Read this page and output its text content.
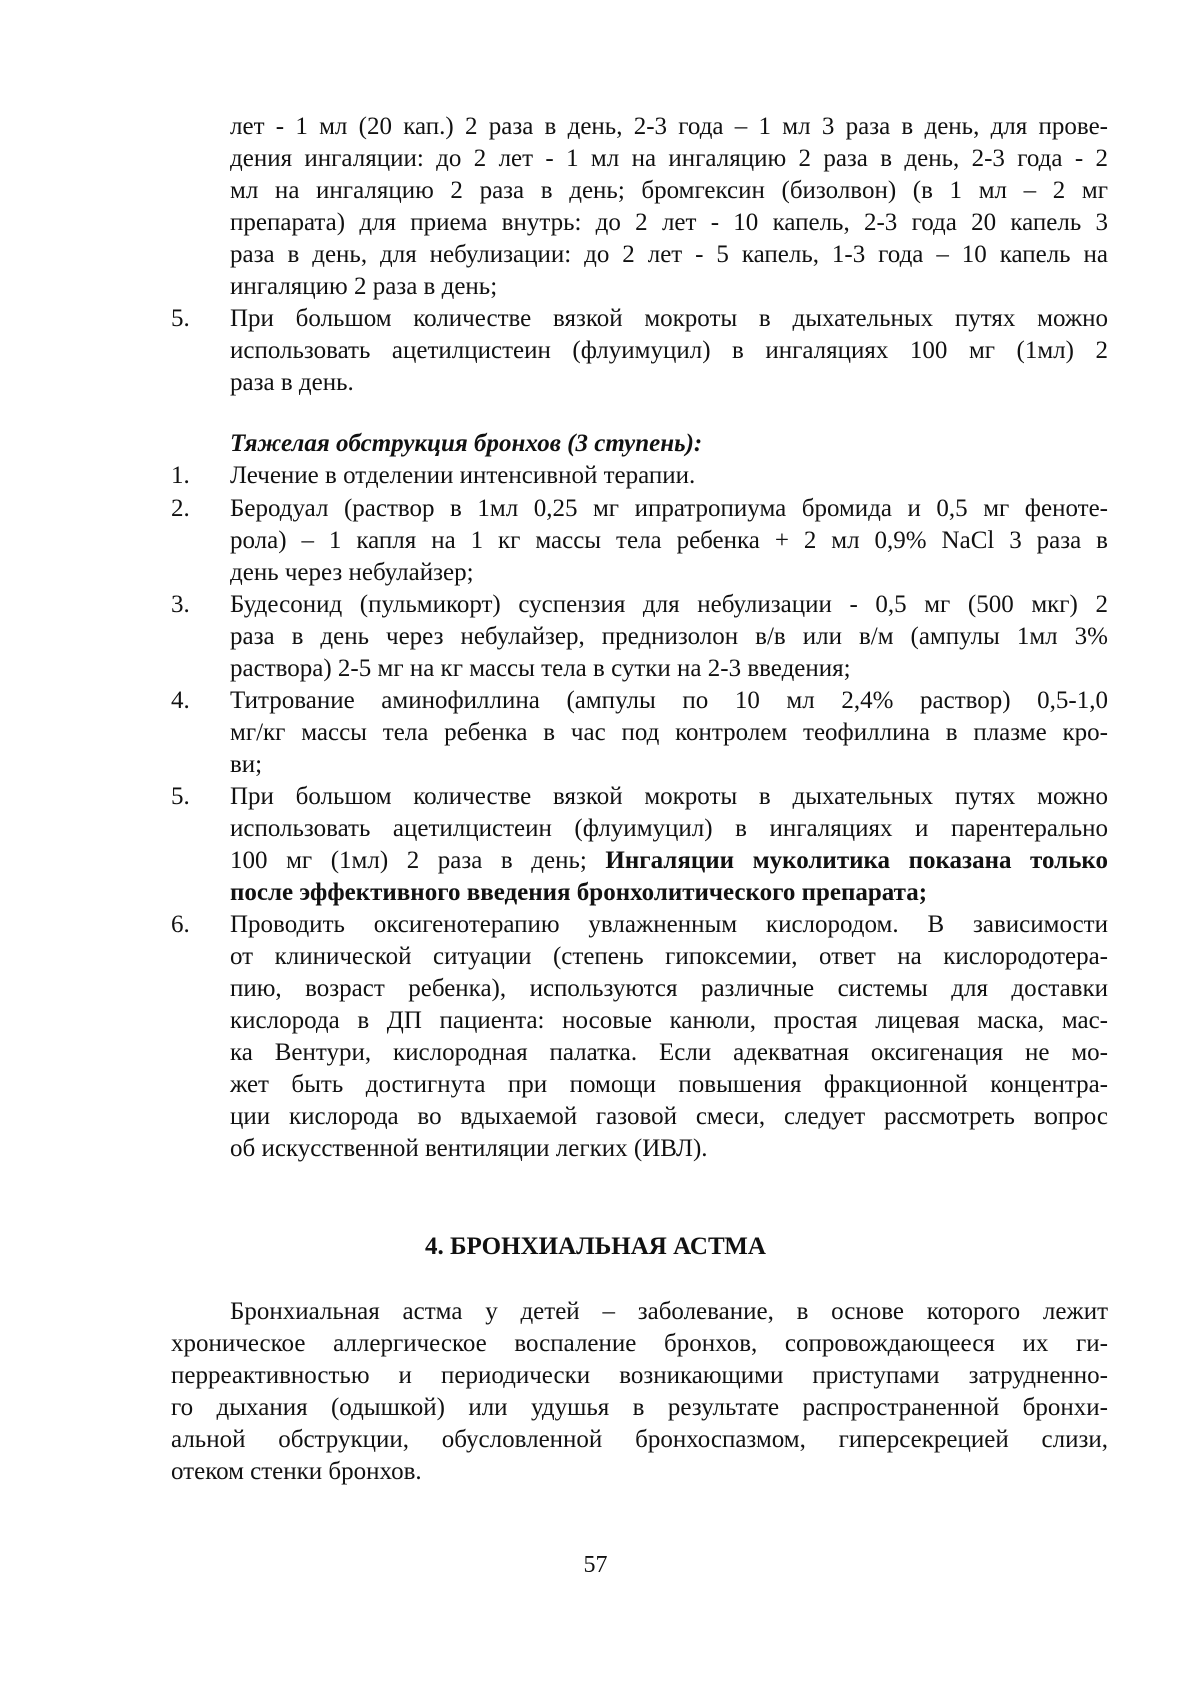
лет - 1 мл (20 кап.) 2 раза в день, 2-3 года – 1 мл 3 раза в день, для прове-
дения ингаляции: до 2 лет - 1 мл на ингаляцию 2 раза в день, 2-3 года - 2
мл на ингаляцию 2 раза в день; бромгексин (бизолвон) (в 1 мл – 2 мг
препарата) для приема внутрь: до 2 лет - 10 капель, 2-3 года 20 капель 3
раза в день, для небулизации: до 2 лет - 5 капель, 1-3 года – 10 капель на
ингаляцию 2 раза в день;
5. При большом количестве вязкой мокроты в дыхательных путях можно
использовать ацетилцистеин (флуимуцил) в ингаляциях 100 мг (1мл) 2
раза в день.
Тяжелая обструкция бронхов (3 ступень):
1. Лечение в отделении интенсивной терапии.
2. Беродуал (раствор в 1мл 0,25 мг ипратропиума бромида и 0,5 мг феноте-
рола) – 1 капля на 1 кг массы тела ребенка + 2 мл 0,9% NaCl 3 раза в
день через небулайзер;
3. Будесонид (пульмикорт) суспензия для небулизации - 0,5 мг (500 мкг) 2
раза в день через небулайзер, преднизолон в/в или в/м (ампулы 1мл 3%
раствора) 2-5 мг на кг массы тела в сутки на 2-3 введения;
4. Титрование аминофиллина (ампулы по 10 мл 2,4% раствор) 0,5-1,0
мг/кг массы тела ребенка в час под контролем теофиллина в плазме кро-
ви;
5. При большом количестве вязкой мокроты в дыхательных путях можно
использовать ацетилцистеин (флуимуцил) в ингаляциях и парентерально
100 мг (1мл) 2 раза в день; Ингаляции муколитика показана только
после эффективного введения бронхолитического препарата;
6. Проводить оксигенотерапию увлажненным кислородом. В зависимости
от клинической ситуации (степень гипоксемии, ответ на кислородотера-
пию, возраст ребенка), используются различные системы для доставки
кислорода в ДП пациента: носовые канюли, простая лицевая маска, мас-
ка Вентури, кислородная палатка. Если адекватная оксигенация не мо-
жет быть достигнута при помощи повышения фракционной концентра-
ции кислорода во вдыхаемой газовой смеси, следует рассмотреть вопрос
об искусственной вентиляции легких (ИВЛ).
4. БРОНХИАЛЬНАЯ АСТМА
Бронхиальная астма у детей – заболевание, в основе которого лежит
хроническое аллергическое воспаление бронхов, сопровождающееся их ги-
перреактивностью и периодически возникающими приступами затрудненно-
го дыхания (одышкой) или удушья в результате распространенной бронхи-
альной обструкции, обусловленной бронхоспазмом, гиперсекрецией слизи,
отеком стенки бронхов.
57
